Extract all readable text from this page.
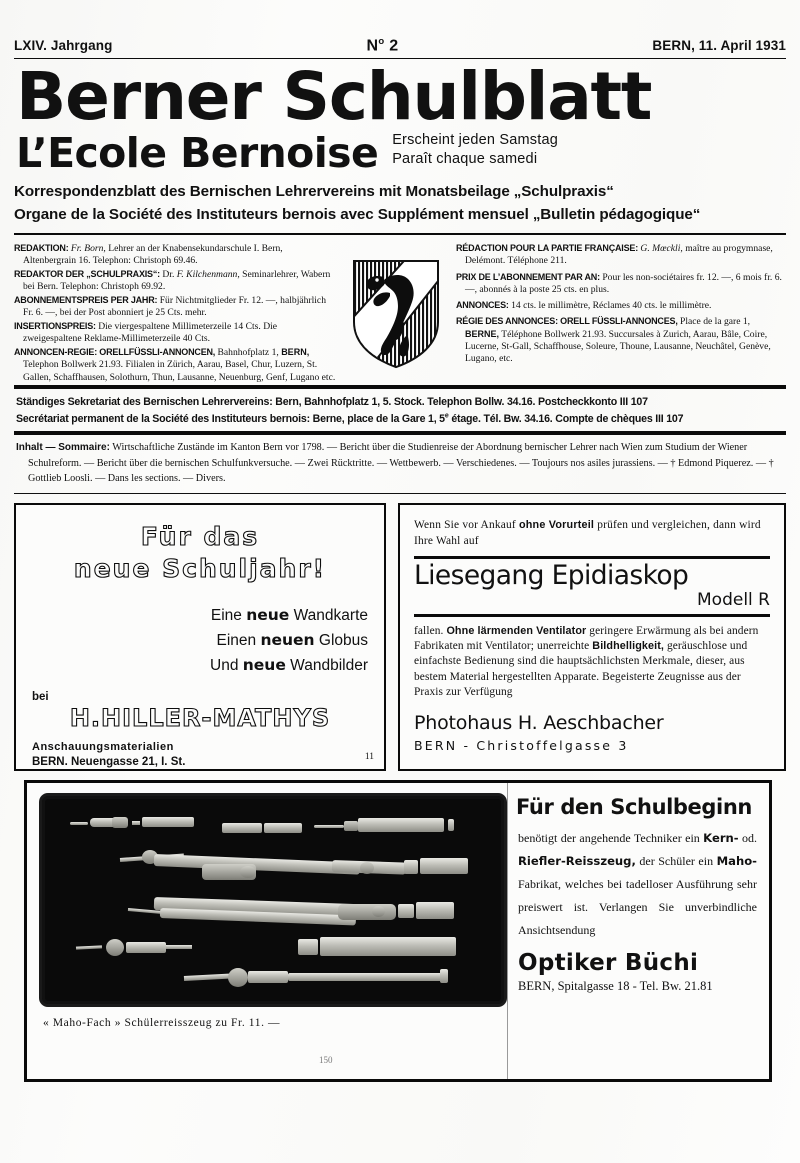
LXIV. Jahrgang	$N^o$ 2	BERN, 11. April 1931
Berner Schulblatt
L’Ecole Bernoise Erscheint jeden Samstag
Paraît chaque samedi
Korrespondenzblatt des Bernischen Lehrervereins mit Monatsbeilage „Schulpraxis“
Organe de la Société des Instituteurs bernois avec Supplément mensuel „Bulletin pédagogique“

REDAKTION: Fr. Born, Lehrer an der Knabensekundarschule I. Bern, Altenbergrain 16. Telephon: Christoph 69.46.

REDAKTOR DER „SCHULPRAXIS“: Dr. F. Kilchenmann, Seminarlehrer, Wabern bei Bern. Telephon: Christoph 69.92.

ABONNEMENTSPREIS PER JAHR: Für Nichtmitglieder Fr. 12. —, halbjährlich Fr. 6. —, bei der Post abonniert je 25 Cts. mehr.

INSERTIONSPREIS: Die viergespaltene Millimeterzeile 14 Cts. Die zweigespaltene Reklame-Millimeterzeile 40 Cts.

ANNONCEN-REGIE: ORELLFÜSSLI-ANNONCEN, Bahnhofplatz 1, BERN, Telephon Bollwerk 21.93. Filialen in Zürich, Aarau, Basel, Chur, Luzern, St. Gallen, Schaffhausen, Solothurn, Thun, Lausanne, Neuenburg, Genf, Lugano etc.

RÉDACTION POUR LA PARTIE FRANÇAISE: G. Mœckli, maître au progymnase, Delémont. Téléphone 211.

PRIX DE L’ABONNEMENT PAR AN: Pour les non-sociétaires fr. 12. —, 6 mois fr. 6. —, abonnés à la poste 25 cts. en plus.

ANNONCES: 14 cts. le millimètre, Réclames 40 cts. le millimètre.

RÉGIE DES ANNONCES: ORELL FÜSSLI-ANNONCES, Place de la gare 1, BERNE, Téléphone Bollwerk 21.93. Succursales à Zurich, Aarau, Bâle, Coire, Lucerne, St-Gall, Schaffhouse, Soleure, Thoune, Lausanne, Neuchâtel, Genève, Lugano, etc.

Ständiges Sekretariat des Bernischen Lehrervereins: Bern, Bahnhofplatz 1, 5. Stock. Telephon Bollw. 34.16. Postcheckkonto III 107
Secrétariat permanent de la Société des Instituteurs bernois: Berne, place de la Gare 1, 5e étage. Tél. Bw. 34.16. Compte de chèques III 107
Inhalt — Sommaire: Wirtschaftliche Zustände im Kanton Bern vor 1798. — Bericht über die Studienreise der Abordnung bernischer Lehrer nach Wien zum Studium der Wiener Schulreform. — Bericht über die bernischen Schulfunkversuche. — Zwei Rücktritte. — Wettbewerb. — Verschiedenes. — Toujours nos asiles jurassiens. — † Edmond Piquerez. — † Gottlieb Loosli. — Dans les sections. — Divers.
Für das
neue Schuljahr!
Eine neue Wandkarte
Einen neuen Globus
Und neue Wandbilder
bei
H.HILLER-MATHYS
Anschauungsmaterialien
BERN. Neuengasse 21, I. St.	11
Wenn Sie vor Ankauf ohne Vorurteil prüfen und vergleichen, dann wird Ihre Wahl auf
Liesegang Epidiaskop
Modell R
fallen. Ohne lärmenden Ventilator geringere Erwärmung als bei andern Fabrikaten mit Ventilator; unerreichte Bildhelligkeit, geräuschlose und einfachste Bedienung sind die hauptsächlichsten Merkmale, dieser, aus bestem Material hergestellten Apparate. Begeisterte Zeugnisse aus der Praxis zur Verfügung
Photohaus H. Aeschbacher
BERN - Christoffelgasse 3
« Maho-Fach » Schülerreisszeug zu Fr. 11. —
150
Für den Schulbeginn
benötigt der angehende Techniker ein Kern- od. Riefler-Reisszeug, der Schüler ein Maho-Fabrikat, welches bei tadelloser Ausführung sehr preiswert ist. Verlangen Sie unverbindliche Ansichtsendung
Optiker Büchi
BERN, Spitalgasse 18 - Tel. Bw. 21.81
